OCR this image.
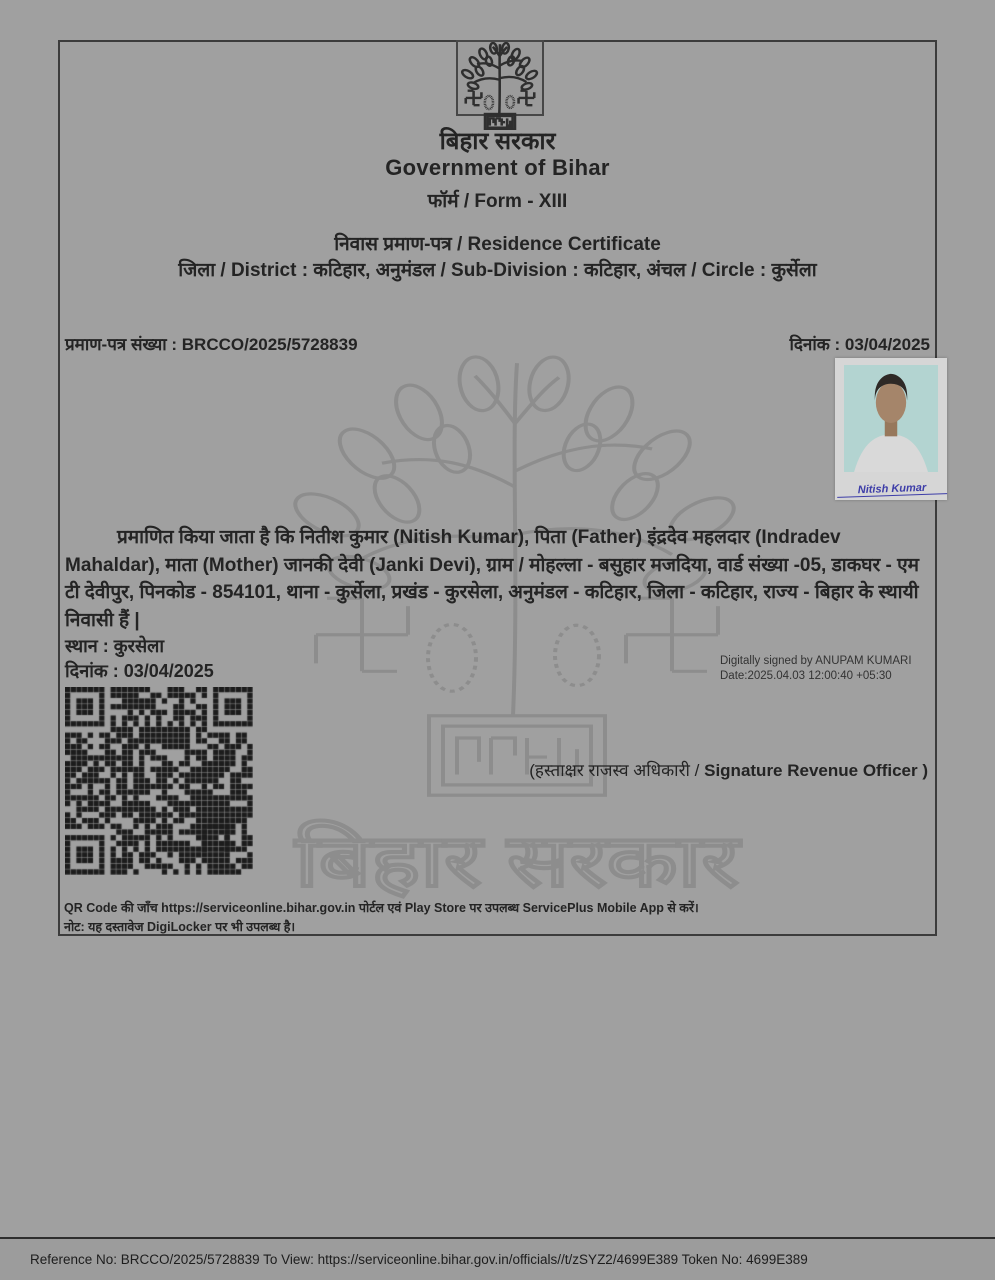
बिहार सरकार
बिहार सरकार
Government of Bihar
फॉर्म / Form - XIII
निवास प्रमाण-पत्र / Residence Certificate
जिला / District : कटिहार, अनुमंडल / Sub-Division : कटिहार, अंचल / Circle : कुर्सेला
प्रमाण-पत्र संख्या : BRCCO/2025/5728839	दिनांक : 03/04/2025
Nitish Kumar
प्रमाणित किया जाता है कि नितीश कुमार (Nitish Kumar), पिता (Father) इंद्रदेव महलदार (Indradev Mahaldar), माता (Mother) जानकी देवी (Janki Devi), ग्राम / मोहल्ला - बसुहार मजदिया, वार्ड संख्या -05, डाकघर - एम टी देवीपुर, पिनकोड - 854101, थाना - कुर्सेला, प्रखंड - कुरसेला, अनुमंडल - कटिहार, जिला - कटिहार, राज्य - बिहार के स्थायी निवासी हैं |
स्थान : कुरसेला
दिनांक : 03/04/2025	Digitally signed by ANUPAM KUMARI
Date:2025.04.03 12:00:40 +05:30
(हस्ताक्षर राजस्व अधिकारी / Signature Revenue Officer )
QR Code की जाँच https://serviceonline.bihar.gov.in पोर्टल एवं Play Store पर उपलब्ध ServicePlus Mobile App से करें।
नोट: यह दस्तावेज DigiLocker पर भी उपलब्ध है।
Reference No: BRCCO/2025/5728839 To View: https://serviceonline.bihar.gov.in/officials//t/zSYZ2/4699E389 Token No: 4699E389
